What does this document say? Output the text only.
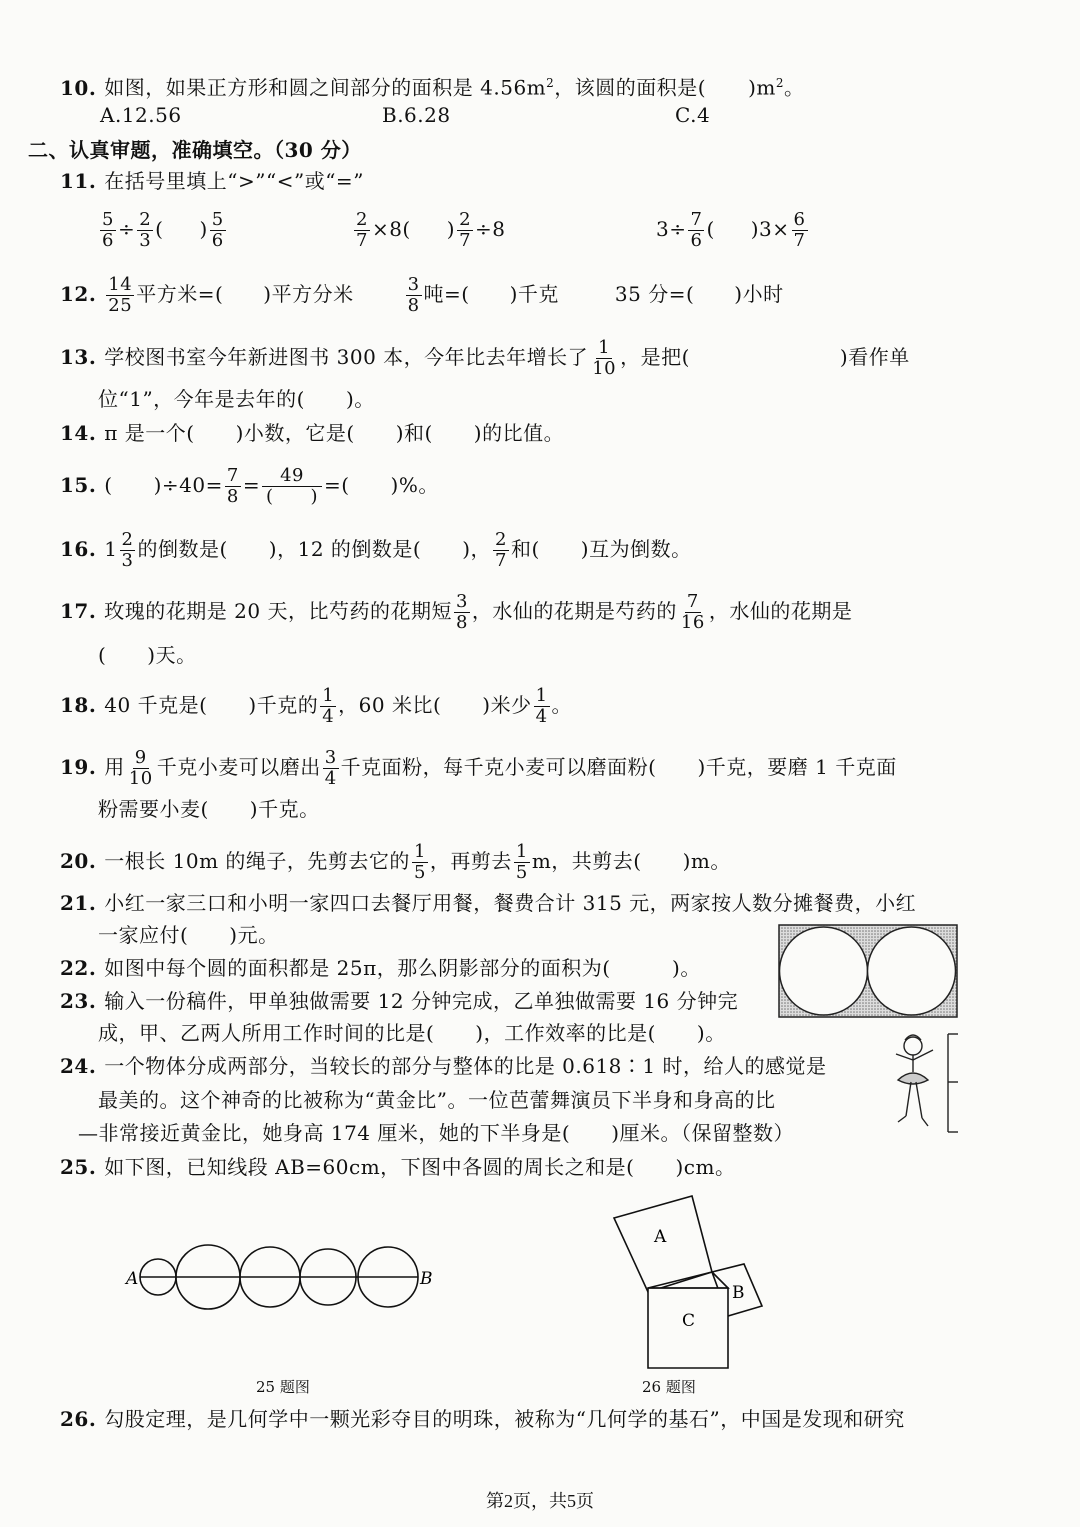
10. 如图，如果正方形和圆之间部分的面积是 $4.56m^2$，该圆的面积是( )$m^2$。
A.12.56	B.6.28	C.4
二、认真审题，准确填空。（30 分）
11. 在括号里填上“>”“<”或“=”
$\frac{5}{6} \div \frac{2}{3}$ ( ) $\frac{5}{6}$	$\frac{2}{7} \times 8$( ) $\frac{2}{7} \div 8$	$3\div \frac{7}{6}$ ( )$3\times \frac{6}{7}$
12. $\frac{14}{25}$ 平方米=( )平方分米	$\frac{3}{8}$ 吨=( )千克	35 分=( )小时
13. 学校图书室今年新进图书 300 本，今年比去年增长了 $\frac{1}{10}$ ，是把(	)看作单
位“1”，今年是去年的(　　)。
14. π 是一个(　　)小数，它是(　　)和(　　)的比值。
15. (　　)$\div 40= \frac{7}{8} = \frac{49}{( )}$ =(　　)%。
16. $1 \frac{2}{3}$ 的倒数是(　　)，12 的倒数是(　　)， $\frac{2}{7}$ 和(　　)互为倒数。
17. 玫瑰的花期是 20 天，比芍药的花期短 $\frac{3}{8}$ ，水仙的花期是芍药的 $\frac{7}{16}$ ，水仙的花期是
(　　)天。
18. 40 千克是(　　)千克的 $\frac{1}{4}$ ，60 米比(　　)米少 $\frac{1}{4}$ 。
19. 用 $\frac{9}{10}$ 千克小麦可以磨出 $\frac{3}{4}$ 千克面粉，每千克小麦可以磨面粉(　　)千克，要磨 1 千克面
粉需要小麦(　　)千克。
20. 一根长 10m 的绳子，先剪去它的 $\frac{1}{5}$ ，再剪去 $\frac{1}{5}$ m，共剪去(　　)m。
21. 小红一家三口和小明一家四口去餐厅用餐，餐费合计 315 元，两家按人数分摊餐费，小红
一家应付(　　)元。
22. 如图中每个圆的面积都是 25π，那么阴影部分的面积为(　　　)。
23. 输入一份稿件，甲单独做需要 12 分钟完成，乙单独做需要 16 分钟完
成，甲、乙两人所用工作时间的比是(　　)，工作效率的比是(　　)。
24. 一个物体分成两部分，当较长的部分与整体的比是 0.618∶1 时，给人的感觉是
最美的。这个神奇的比被称为“黄金比”。一位芭蕾舞演员下半身和身高的比
—非常接近黄金比，她身高 174 厘米，她的下半身是(　　)厘米。（保留整数）
25. 如下图，已知线段 AB=60cm，下图中各圆的周长之和是(　　)cm。
A	B
25 题图
A
B
C
26 题图
26. 勾股定理，是几何学中一颗光彩夺目的明珠，被称为“几何学的基石”，中国是发现和研究
第2页，共5页
